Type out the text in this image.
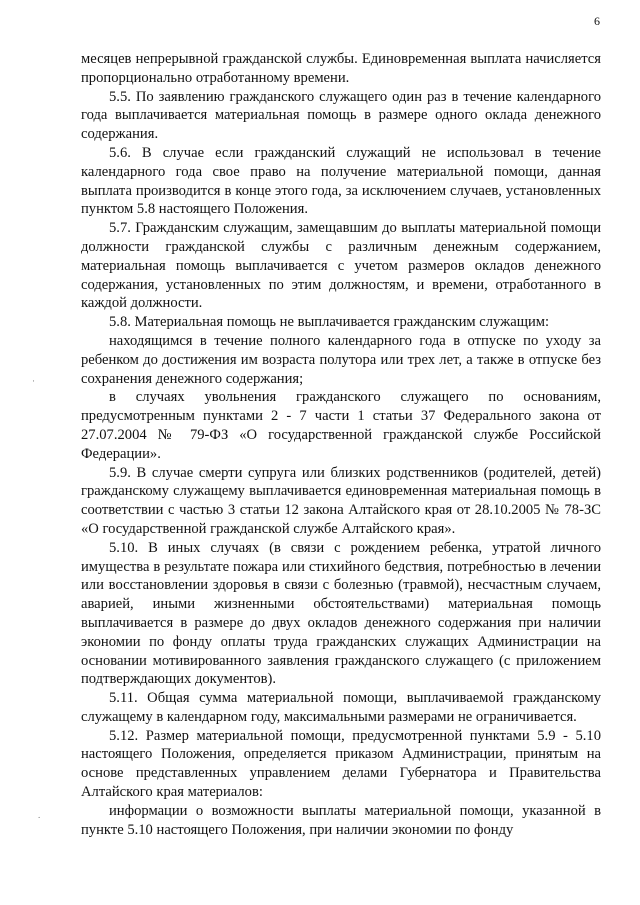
6
·
.

месяцев непрерывной гражданской службы. Единовременная выплата начисляется пропорционально отработанному времени.

5.5. По заявлению гражданского служащего один раз в течение календарного года выплачивается материальная помощь в размере одного оклада денежного содержания.

5.6. В случае если гражданский служащий не использовал в течение календарного года свое право на получение материальной помощи, данная выплата производится в конце этого года, за исключением случаев, установленных пунктом 5.8 настоящего Положения.

5.7. Гражданским служащим, замещавшим до выплаты материальной помощи должности гражданской службы с различным денежным содержанием, материальная помощь выплачивается с учетом размеров окладов денежного содержания, установленных по этим должностям, и времени, отработанного в каждой должности.

5.8. Материальная помощь не выплачивается гражданским служащим:

находящимся в течение полного календарного года в отпуске по уходу за ребенком до достижения им возраста полутора или трех лет, а также в отпуске без сохранения денежного содержания;

в случаях увольнения гражданского служащего по основаниям, предусмотренным пунктами 2 - 7 части 1 статьи 37 Федерального закона от 27.07.2004 № 79-ФЗ «О государственной гражданской службе Российской Федерации».

5.9. В случае смерти супруга или близких родственников (родителей, детей) гражданскому служащему выплачивается единовременная материальная помощь в соответствии с частью 3 статьи 12 закона Алтайского края от 28.10.2005 № 78-ЗС «О государственной гражданской службе Алтайского края».

5.10. В иных случаях (в связи с рождением ребенка, утратой личного имущества в результате пожара или стихийного бедствия, потребностью в лечении или восстановлении здоровья в связи с болезнью (травмой), несчастным случаем, аварией, иными жизненными обстоятельствами) материальная помощь выплачивается в размере до двух окладов денежного содержания при наличии экономии по фонду оплаты труда гражданских служащих Администрации на основании мотивированного заявления гражданского служащего (с приложением подтверждающих документов).

5.11. Общая сумма материальной помощи, выплачиваемой гражданскому служащему в календарном году, максимальными размерами не ограничивается.

5.12. Размер материальной помощи, предусмотренной пунктами 5.9 - 5.10 настоящего Положения, определяется приказом Администрации, принятым на основе представленных управлением делами Губернатора и Правительства Алтайского края материалов:

информации о возможности выплаты материальной помощи, указанной в пункте 5.10 настоящего Положения, при наличии экономии по фонду
